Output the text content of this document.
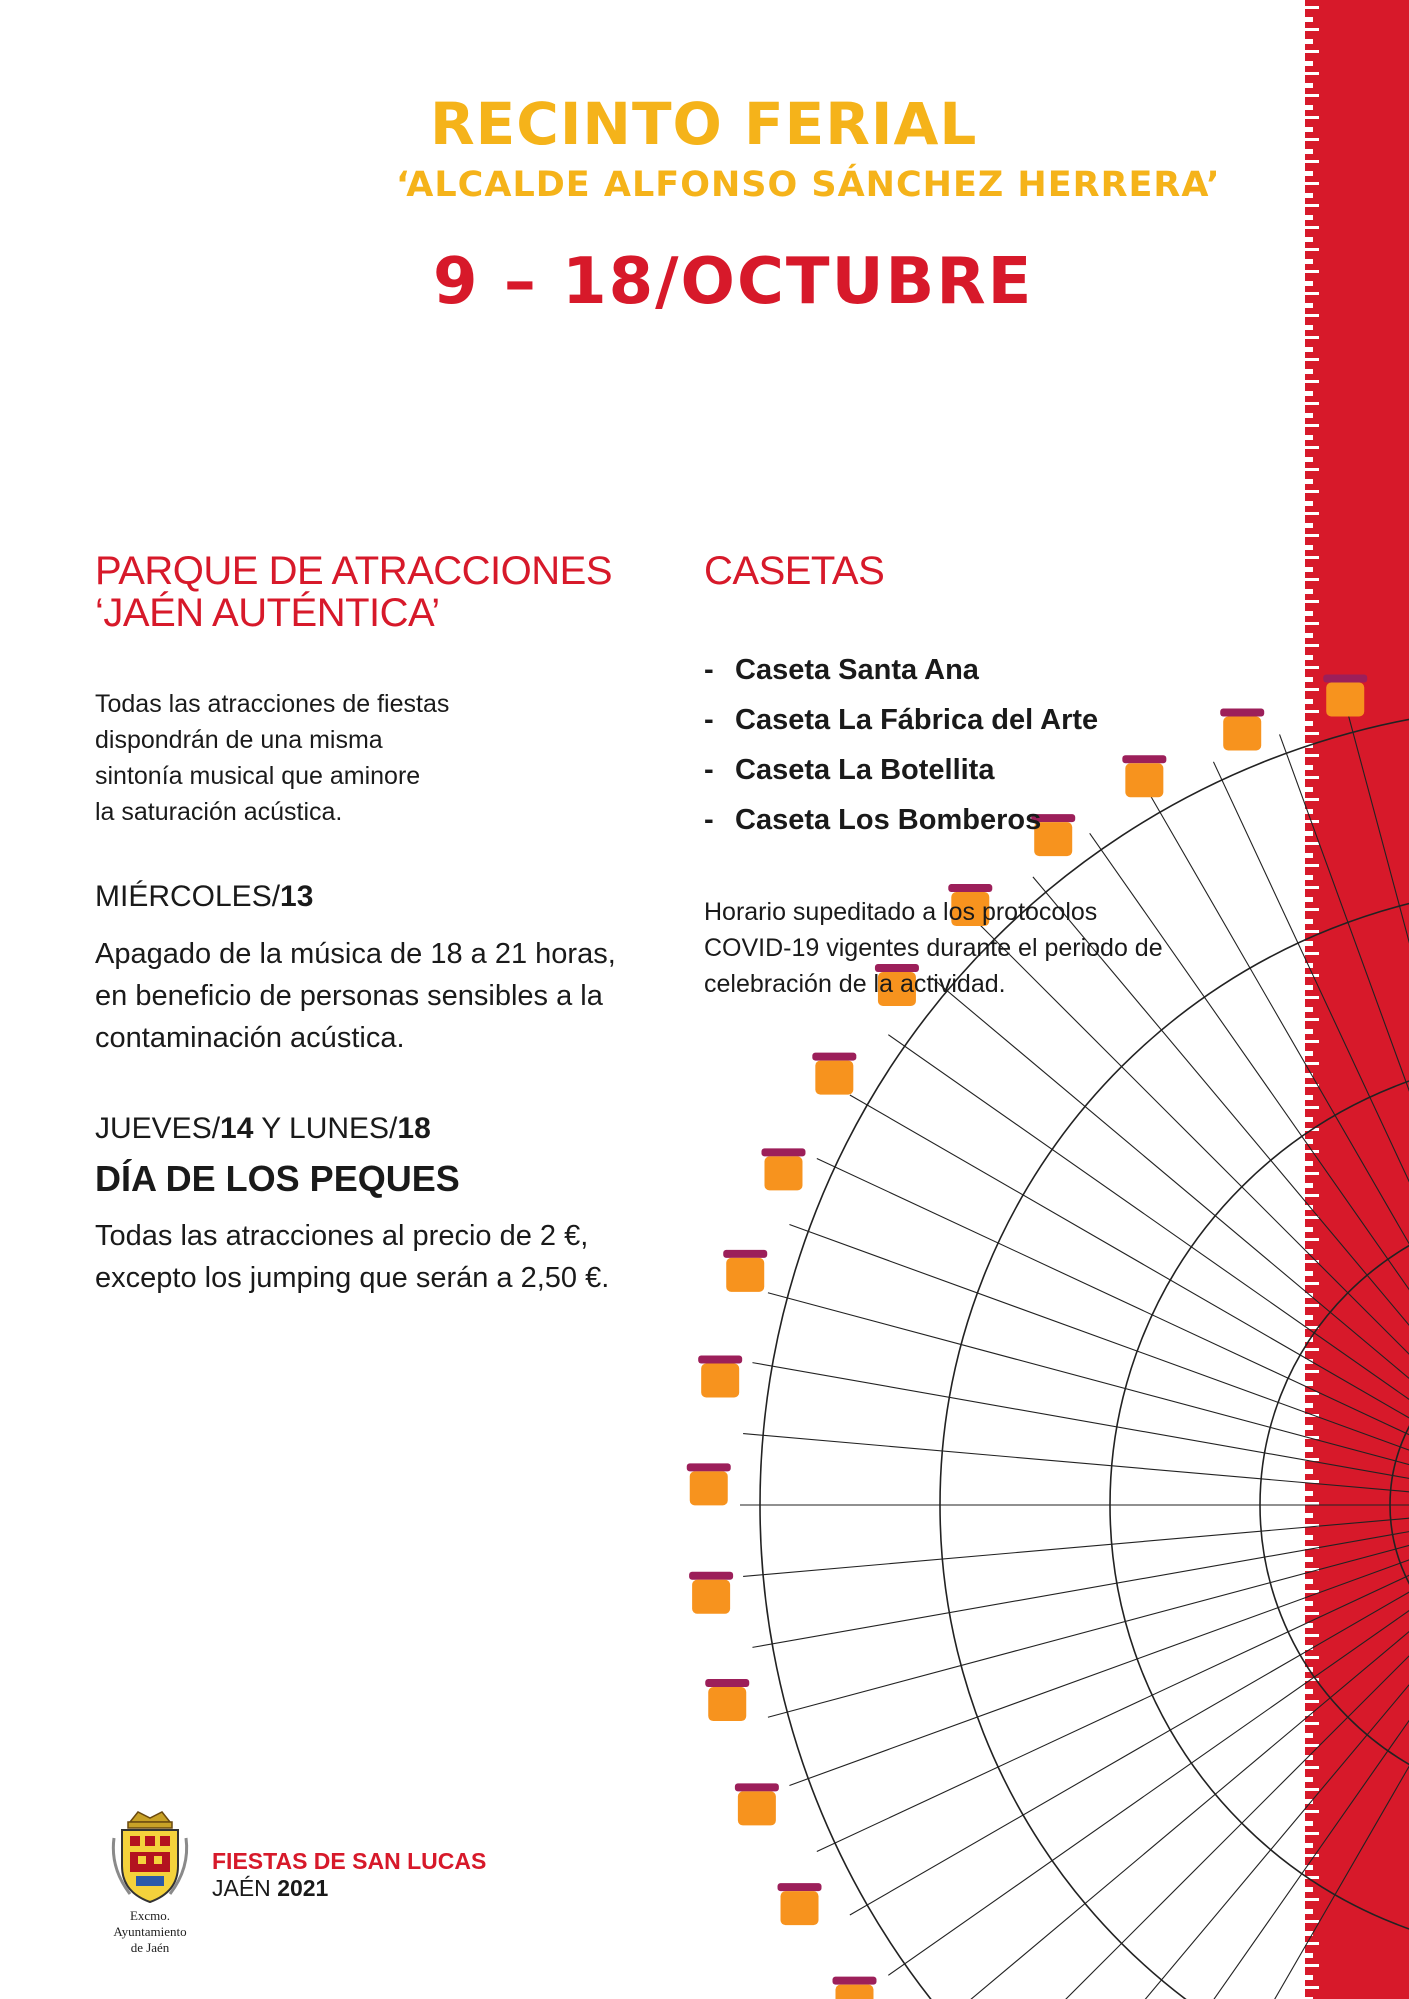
RECINTO FERIAL
‘ALCALDE ALFONSO SÁNCHEZ HERRERA’
9 – 18/OCTUBRE
PARQUE DE ATRACCIONES
‘JAÉN AUTÉNTICA’
Todas las atracciones de fiestas
dispondrán de una misma
sintonía musical que aminore
la saturación acústica.
MIÉRCOLES/13
Apagado de la música de 18 a 21 horas,
en beneficio de personas sensibles a la
contaminación acústica.
JUEVES/14 Y LUNES/18
DÍA DE LOS PEQUES
Todas las atracciones al precio de 2 €,
excepto los jumping que serán a 2,50 €.
CASETAS
- Caseta Santa Ana
- Caseta La Fábrica del Arte
- Caseta La Botellita
- Caseta Los Bomberos
Horario supeditado a los protocolos
COVID-19 vigentes durante el periodo de
celebración de la actividad.
Excmo.
Ayuntamiento
de Jaén
FIESTAS DE SAN LUCAS
JAÉN 2021
